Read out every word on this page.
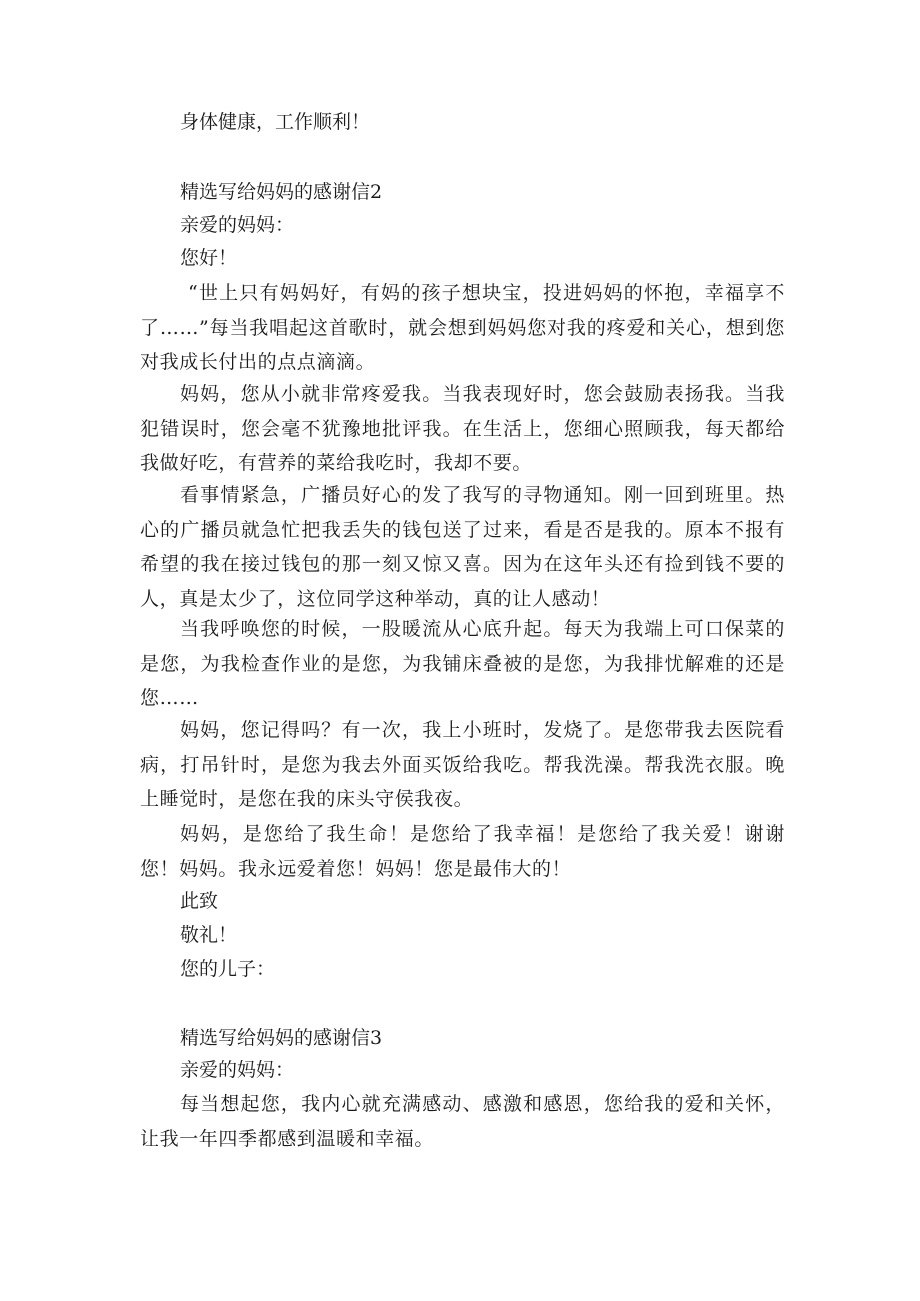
身体健康，工作顺利！
精选写给妈妈的感谢信2
亲爱的妈妈：
您好！
“世上只有妈妈好，有妈的孩子想块宝，投进妈妈的怀抱，幸福享不了……”每当我唱起这首歌时，就会想到妈妈您对我的疼爱和关心，想到您对我成长付出的点点滴滴。
妈妈，您从小就非常疼爱我。当我表现好时，您会鼓励表扬我。当我犯错误时，您会毫不犹豫地批评我。在生活上，您细心照顾我，每天都给我做好吃，有营养的菜给我吃时，我却不要。
看事情紧急，广播员好心的发了我写的寻物通知。刚一回到班里。热心的广播员就急忙把我丢失的钱包送了过来，看是否是我的。原本不报有希望的我在接过钱包的那一刻又惊又喜。因为在这年头还有捡到钱不要的人，真是太少了，这位同学这种举动，真的让人感动！
当我呼唤您的时候，一股暖流从心底升起。每天为我端上可口保菜的是您，为我检查作业的是您，为我铺床叠被的是您，为我排忧解难的还是您……
妈妈，您记得吗？有一次，我上小班时，发烧了。是您带我去医院看病，打吊针时，是您为我去外面买饭给我吃。帮我洗澡。帮我洗衣服。晚上睡觉时，是您在我的床头守侯我夜。
妈妈，是您给了我生命！是您给了我幸福！是您给了我关爱！谢谢您！妈妈。我永远爱着您！妈妈！您是最伟大的！
此致
敬礼！
您的儿子：
精选写给妈妈的感谢信3
亲爱的妈妈：
每当想起您，我内心就充满感动、感激和感恩，您给我的爱和关怀，让我一年四季都感到温暖和幸福。
